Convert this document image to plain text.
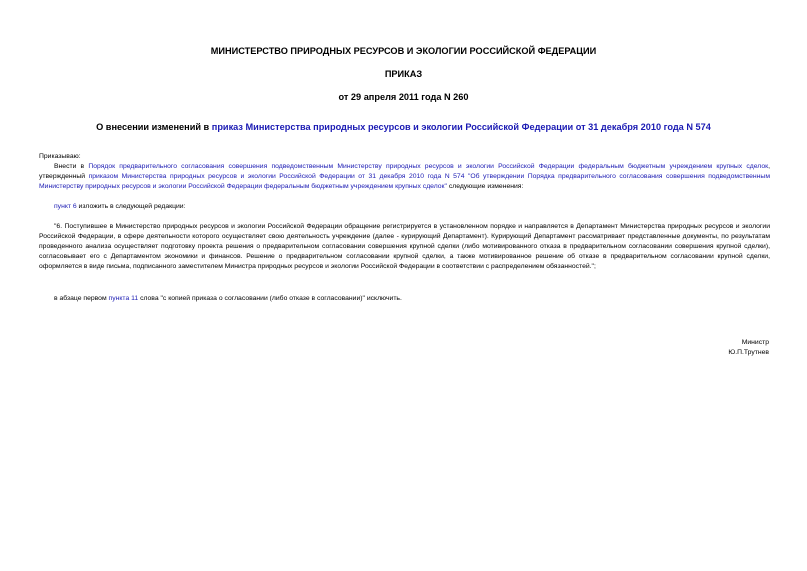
МИНИСТЕРСТВО ПРИРОДНЫХ РЕСУРСОВ И ЭКОЛОГИИ РОССИЙСКОЙ ФЕДЕРАЦИИ
ПРИКАЗ
от 29 апреля 2011 года N 260
О внесении изменений в приказ Министерства природных ресурсов и экологии Российской Федерации от 31 декабря 2010 года N 574
Приказываю:
Внести в Порядок предварительного согласования совершения подведомственным Министерству природных ресурсов и экологии Российской Федерации федеральным бюджетным учреждением крупных сделок, утвержденный приказом Министерства природных ресурсов и экологии Российской Федерации от 31 декабря 2010 года N 574 "Об утверждении Порядка предварительного согласования совершения подведомственным Министерству природных ресурсов и экологии Российской Федерации федеральным бюджетным учреждением крупных сделок" следующие изменения:
пункт 6 изложить в следующей редакции:
"6. Поступившее в Министерство природных ресурсов и экологии Российской Федерации обращение регистрируется в установленном порядке и направляется в Департамент Министерства природных ресурсов и экологии Российской Федерации, в сфере деятельности которого осуществляет свою деятельность учреждение (далее - курирующий Департамент). Курирующий Департамент рассматривает представленные документы, по результатам проведенного анализа осуществляет подготовку проекта решения о предварительном согласовании совершения крупной сделки (либо мотивированного отказа в предварительном согласовании совершения крупной сделки), согласовывает его с Департаментом экономики и финансов. Решение о предварительном согласовании крупной сделки, а также мотивированное решение об отказе в предварительном согласовании крупной сделки, оформляется в виде письма, подписанного заместителем Министра природных ресурсов и экологии Российской Федерации в соответствии с распределением обязанностей.";
в абзаце первом пункта 11 слова "с копией приказа о согласовании (либо отказе в согласовании)" исключить.
Министр
Ю.П.Трутнев
